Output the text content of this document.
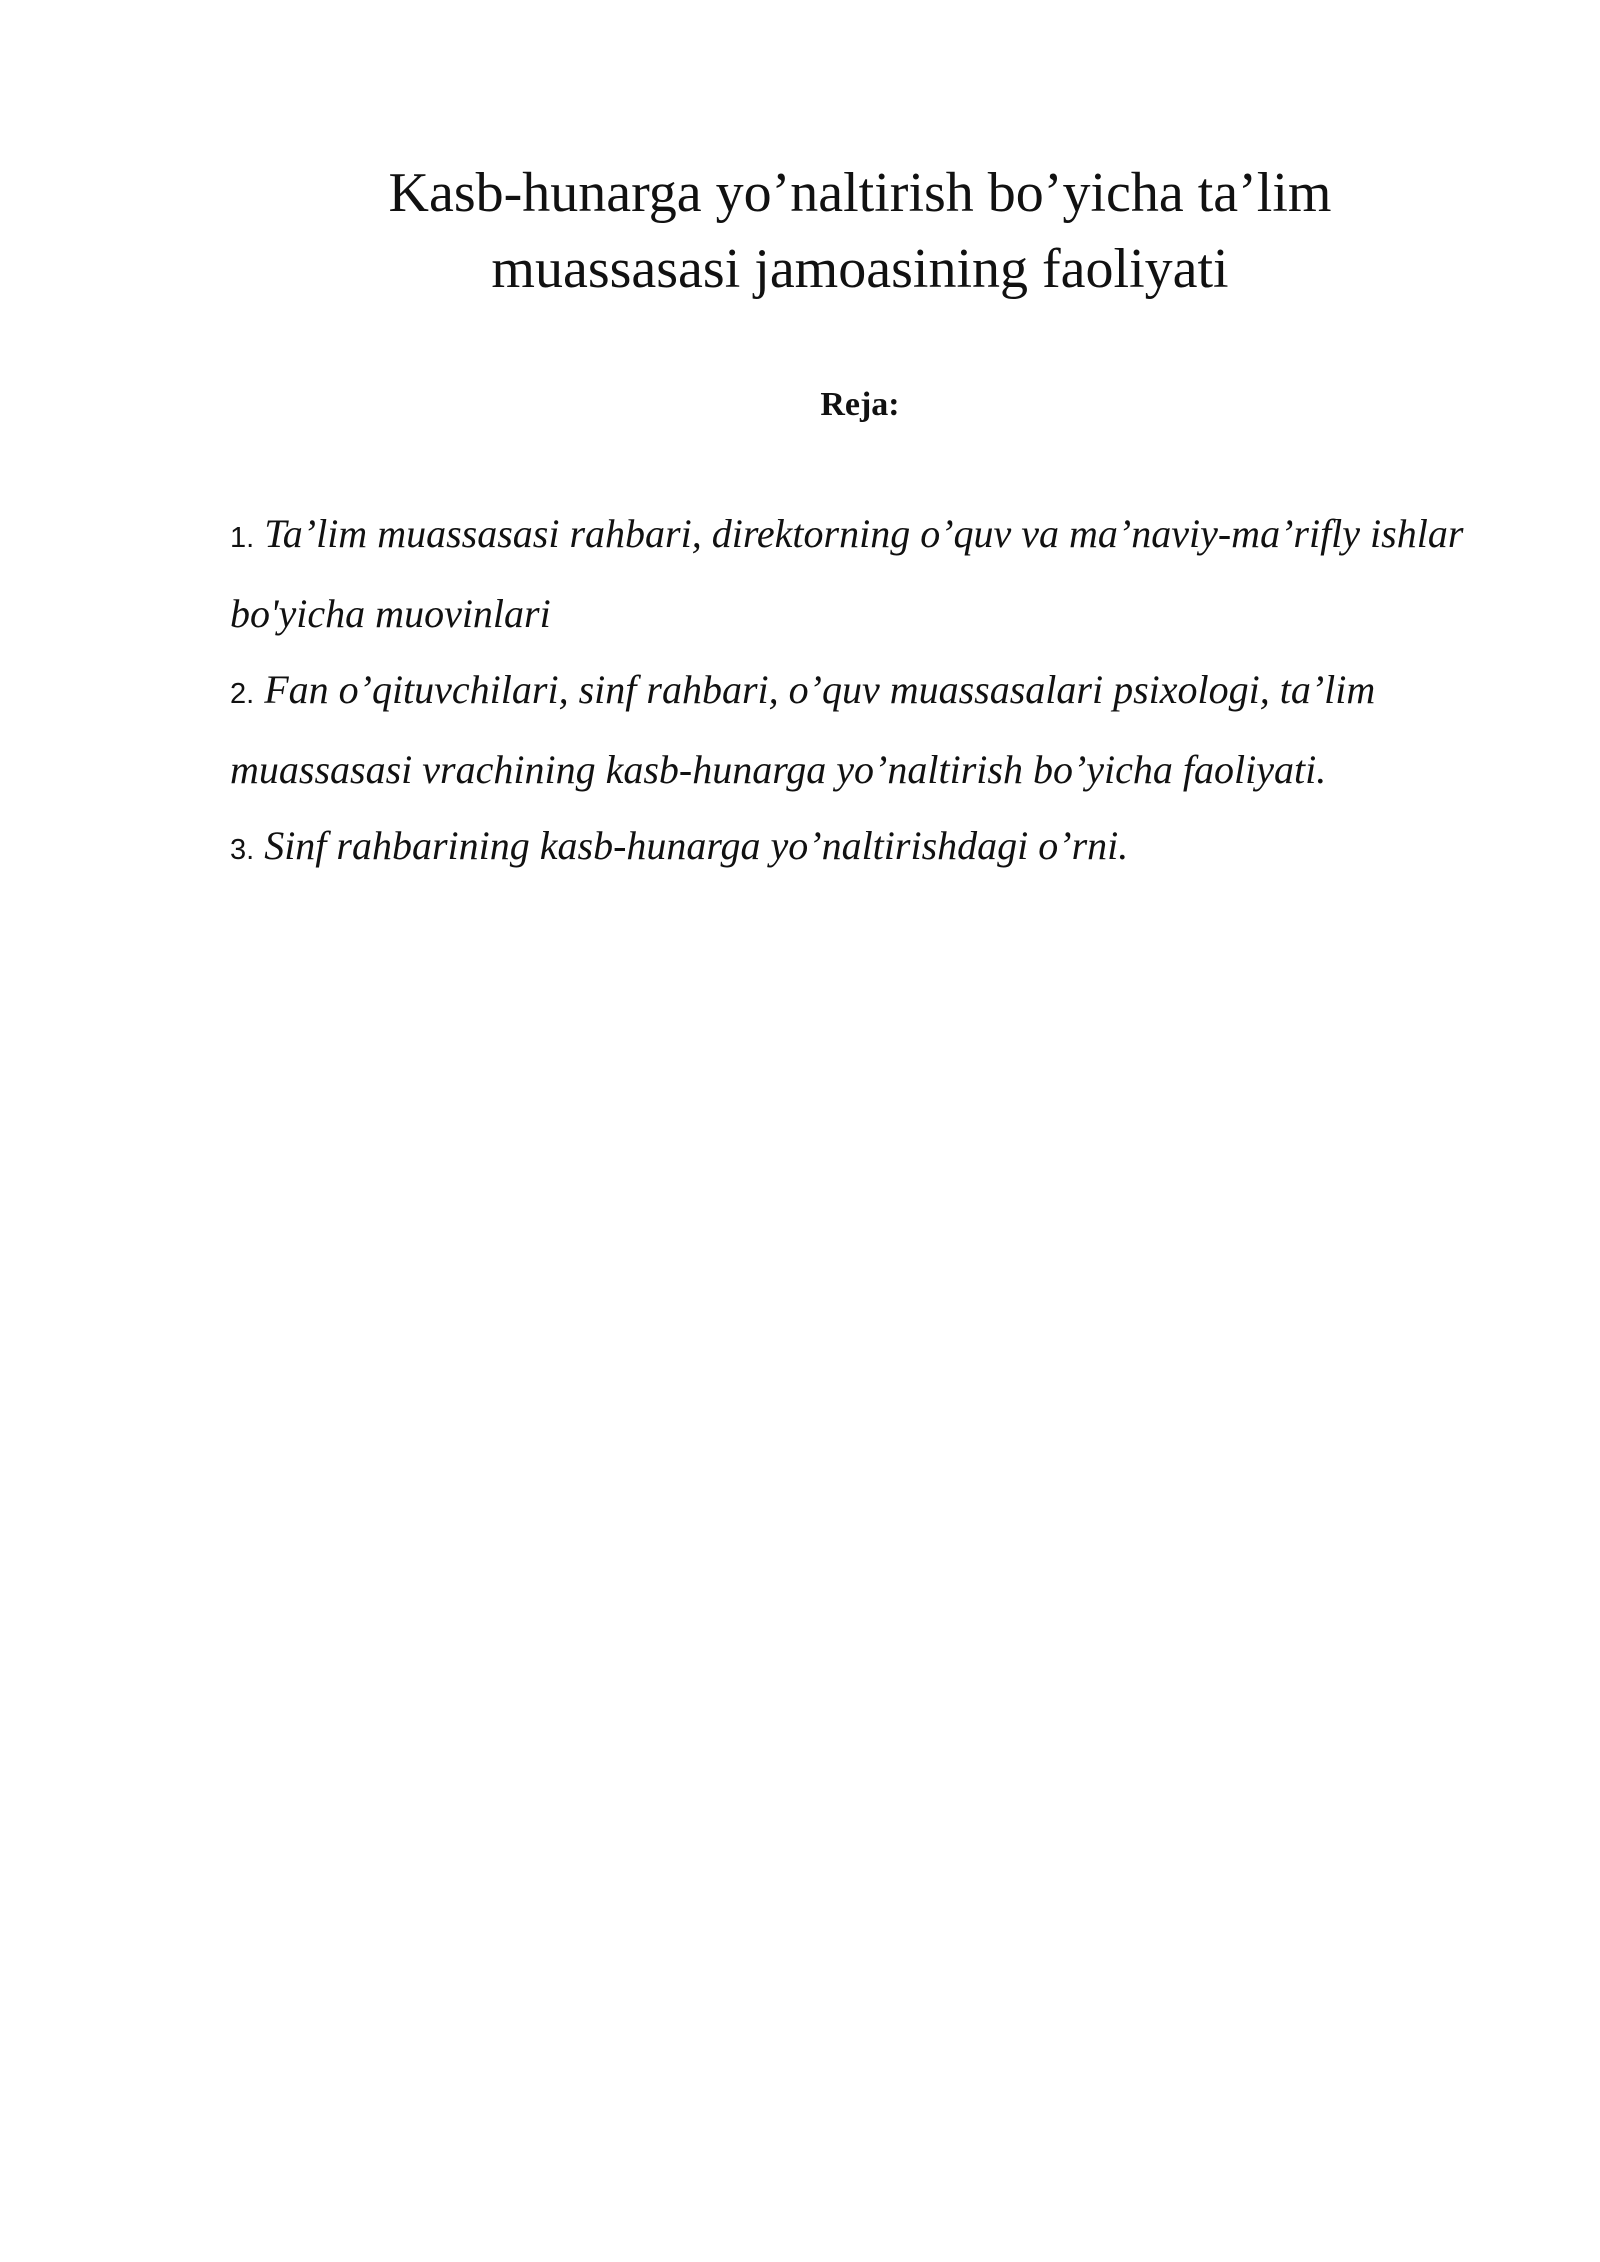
Kasb-hunarga yo’naltirish bo’yicha ta’lim muassasasi jamoasining faoliyati
Reja:
1. Ta’lim muassasasi rahbari, direktorning o’quv va ma’naviy-ma’rifly ishlar bo'yicha muovinlari
2. Fan o’qituvchilari, sinf rahbari, o’quv muassasalari psixologi, ta’lim muassasasi vrachining kasb-hunarga yo’naltirish bo’yicha faoliyati.
3. Sinf rahbarining kasb-hunarga yo’naltirishdagi o’rni.
